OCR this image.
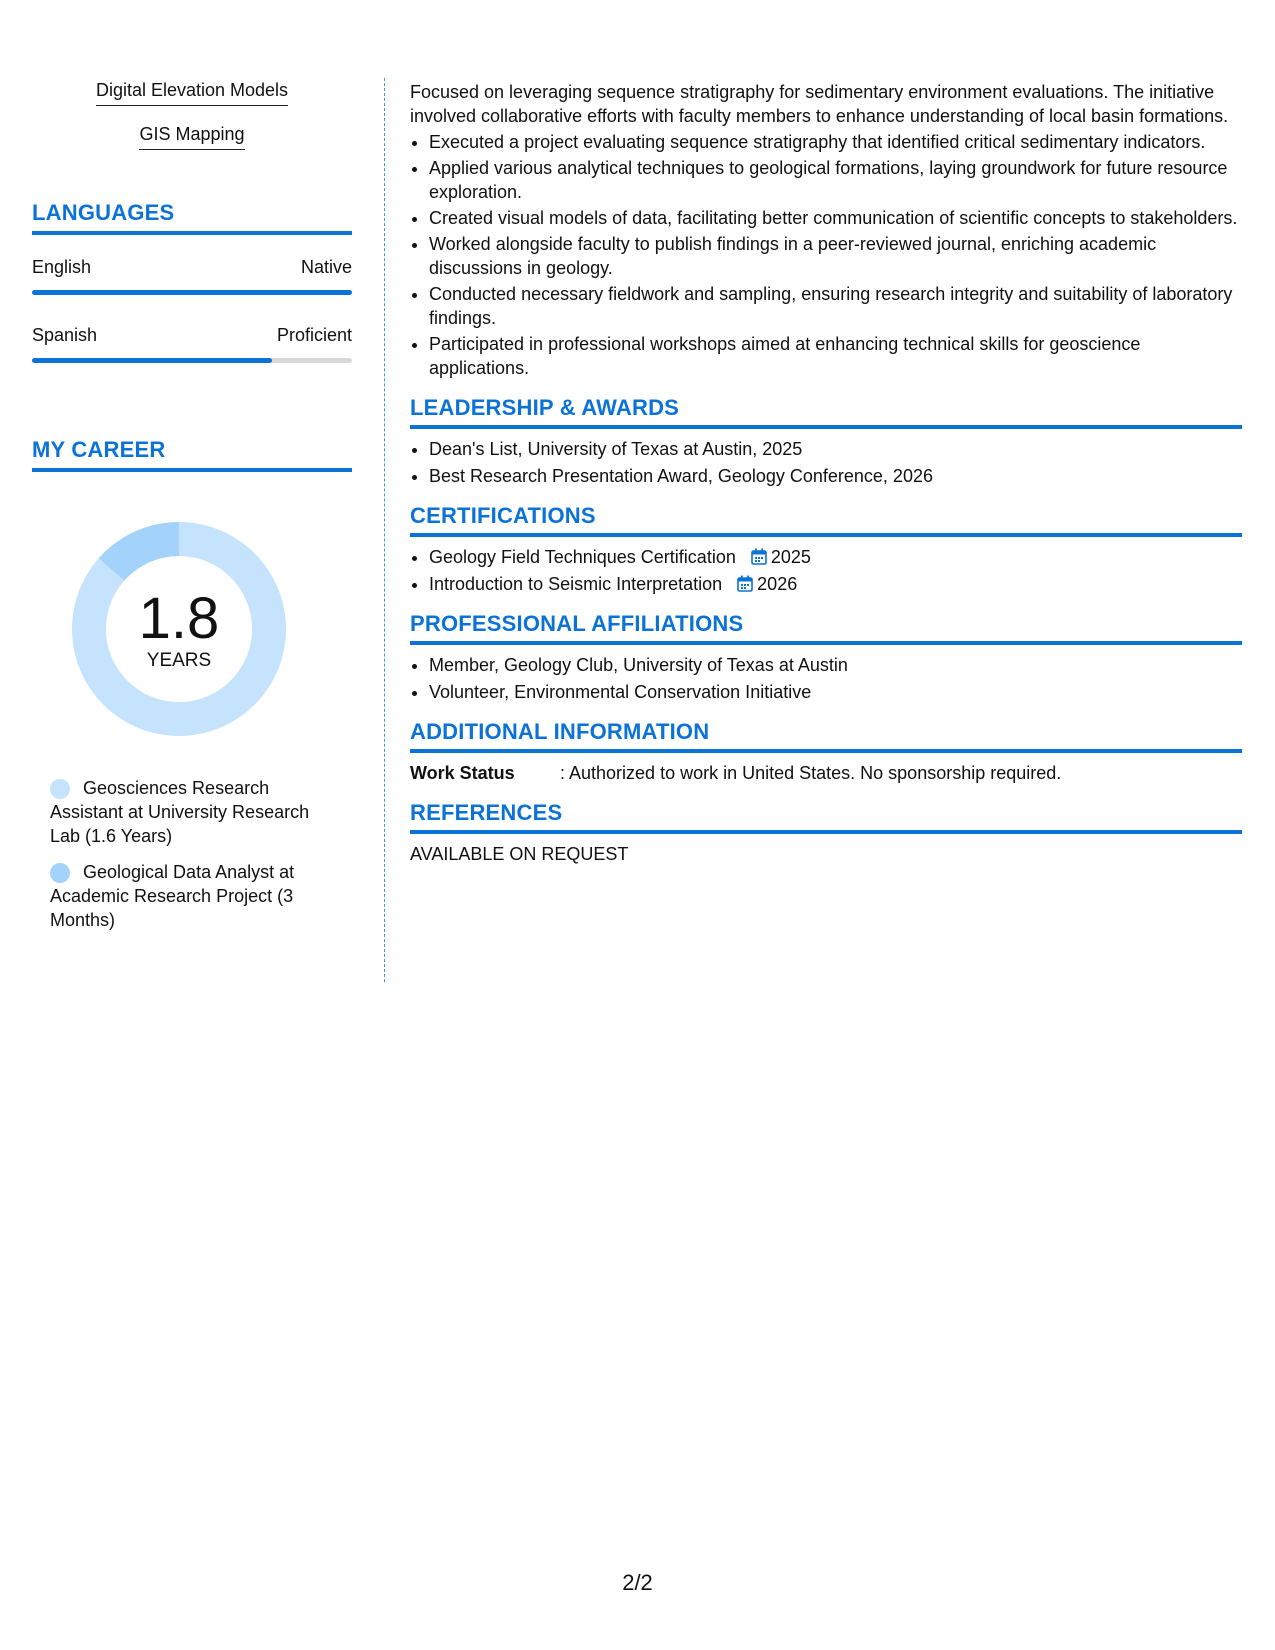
Digital Elevation Models
GIS Mapping
LANGUAGES
English	Native
Spanish	Proficient
MY CAREER
1.8
YEARS
Geosciences Research Assistant at University Research Lab (1.6 Years)
Geological Data Analyst at Academic Research Project (3 Months)

Focused on leveraging sequence stratigraphy for sedimentary environment evaluations. The initiative involved collaborative efforts with faculty members to enhance understanding of local basin formations.

• Executed a project evaluating sequence stratigraphy that identified critical sedimentary indicators.
• Applied various analytical techniques to geological formations, laying groundwork for future resource exploration.
• Created visual models of data, facilitating better communication of scientific concepts to stakeholders.
• Worked alongside faculty to publish findings in a peer-reviewed journal, enriching academic discussions in geology.
• Conducted necessary fieldwork and sampling, ensuring research integrity and suitability of laboratory findings.
• Participated in professional workshops aimed at enhancing technical skills for geoscience applications.
LEADERSHIP & AWARDS
• Dean's List, University of Texas at Austin, 2025
• Best Research Presentation Award, Geology Conference, 2026
CERTIFICATIONS
• Geology Field Techniques Certification 2025
• Introduction to Seismic Interpretation 2026
PROFESSIONAL AFFILIATIONS
• Member, Geology Club, University of Texas at Austin
• Volunteer, Environmental Conservation Initiative
ADDITIONAL INFORMATION
Work Status	: Authorized to work in United States. No sponsorship required.
REFERENCES
AVAILABLE ON REQUEST
2/2
